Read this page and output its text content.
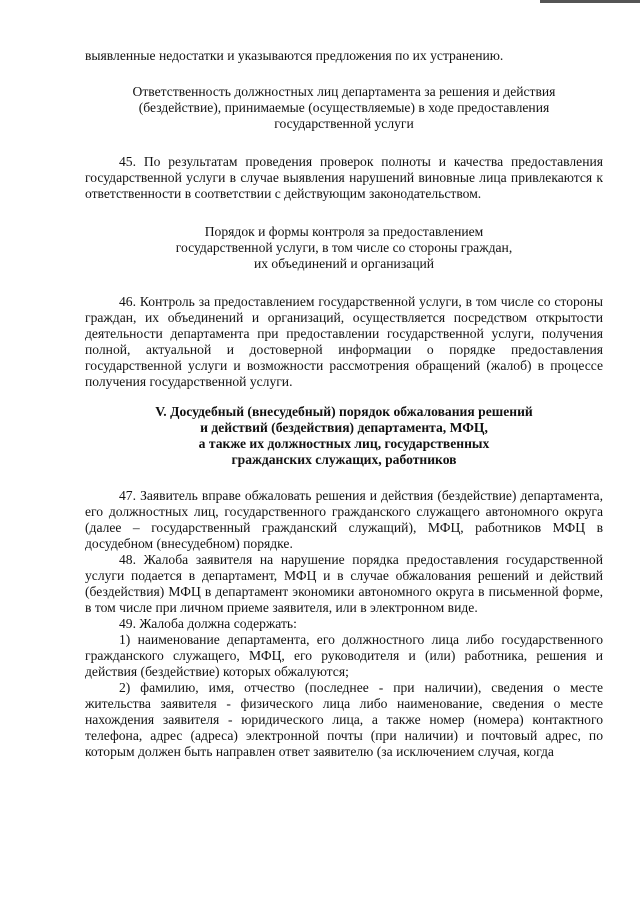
выявленные недостатки и указываются предложения по их устранению.

Ответственность должностных лиц департамента за решения и действия
(бездействие), принимаемые (осуществляемые) в ходе предоставления
государственной услуги

45. По результатам проведения проверок полноты и качества предоставления государственной услуги в случае выявления нарушений виновные лица привлекаются к ответственности в соответствии с действующим законодательством.

Порядок и формы контроля за предоставлением
государственной услуги, в том числе со стороны граждан,
их объединений и организаций

46. Контроль за предоставлением государственной услуги, в том числе со стороны граждан, их объединений и организаций, осуществляется посредством открытости деятельности департамента при предоставлении государственной услуги, получения полной, актуальной и достоверной информации о порядке предоставления государственной услуги и возможности рассмотрения обращений (жалоб) в процессе получения государственной услуги.

V. Досудебный (внесудебный) порядок обжалования решений
и действий (бездействия) департамента, МФЦ,
а также их должностных лиц, государственных
гражданских служащих, работников

47. Заявитель вправе обжаловать решения и действия (бездействие) департамента, его должностных лиц, государственного гражданского служащего автономного округа (далее – государственный гражданский служащий), МФЦ, работников МФЦ в досудебном (внесудебном) порядке.

48. Жалоба заявителя на нарушение порядка предоставления государственной услуги подается в департамент, МФЦ и в случае обжалования решений и действий (бездействия) МФЦ в департамент экономики автономного округа в письменной форме, в том числе при личном приеме заявителя, или в электронном виде.

49. Жалоба должна содержать:

1) наименование департамента, его должностного лица либо государственного гражданского служащего, МФЦ, его руководителя и (или) работника, решения и действия (бездействие) которых обжалуются;

2) фамилию, имя, отчество (последнее - при наличии), сведения о месте жительства заявителя - физического лица либо наименование, сведения о месте нахождения заявителя - юридического лица, а также номер (номера) контактного телефона, адрес (адреса) электронной почты (при наличии) и почтовый адрес, по которым должен быть направлен ответ заявителю (за исключением случая, когда
